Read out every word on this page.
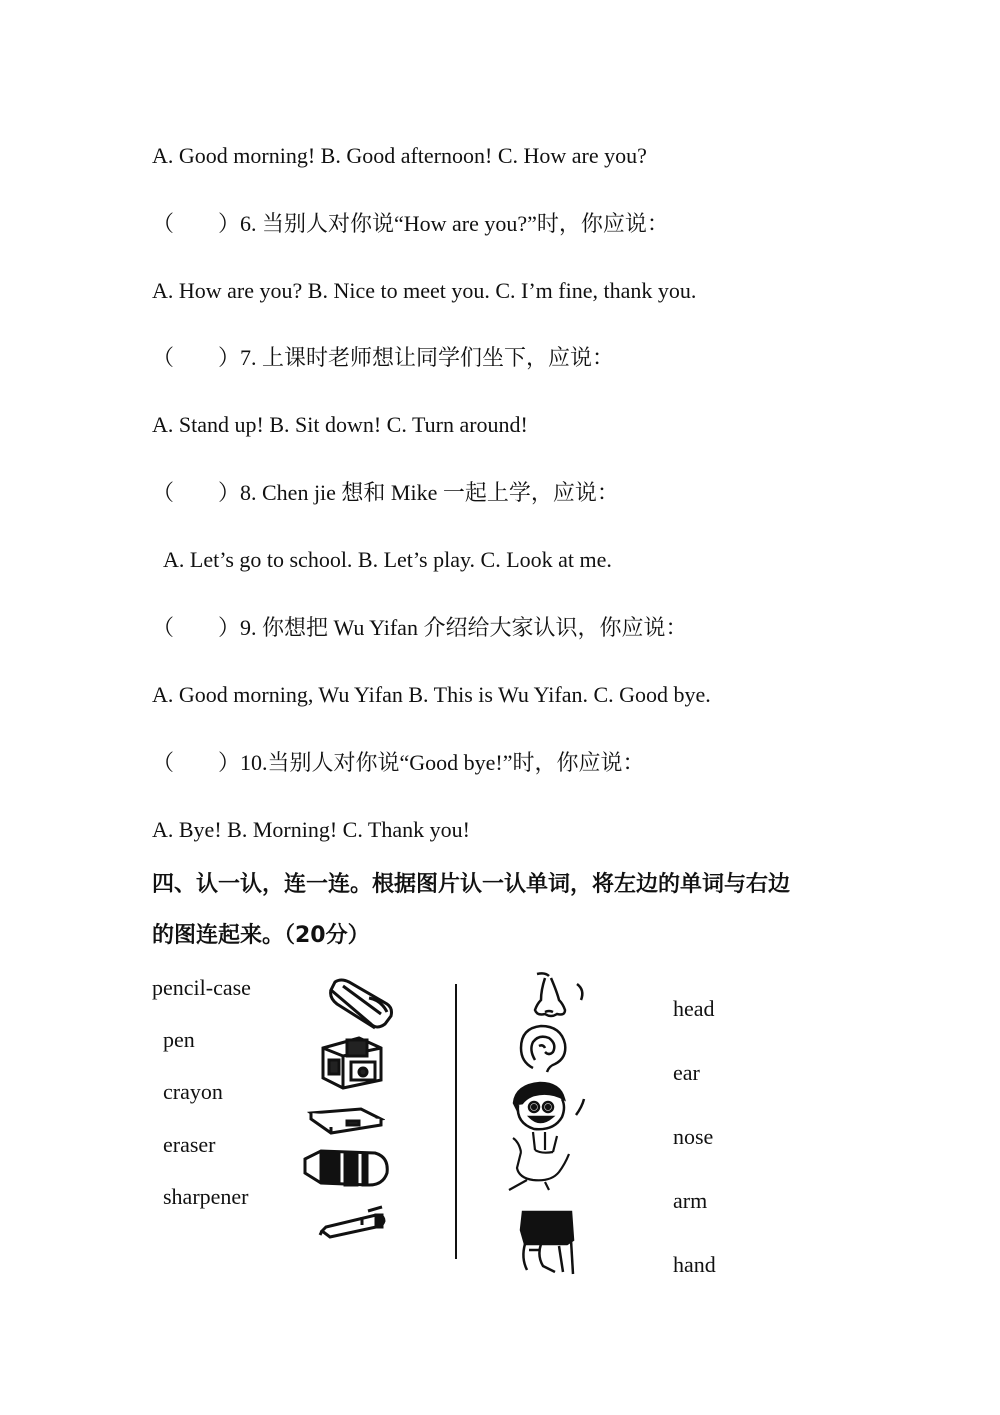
A. Good morning! B. Good afternoon! C. How are you?
（　　）6. 当别人对你说“How are you?”时，你应说：
A. How are you? B. Nice to meet you. C. I’m fine, thank you.
（　　）7. 上课时老师想让同学们坐下，应说：
A. Stand up! B. Sit down! C. Turn around!
（　　）8. Chen jie 想和 Mike 一起上学，应说：
A. Let’s go to school. B. Let’s play. C. Look at me.
（　　）9. 你想把 Wu Yifan 介绍给大家认识，你应说：
A. Good morning, Wu Yifan B. This is Wu Yifan. C. Good bye.
（　　）10.当别人对你说“Good bye!”时，你应说：
A. Bye! B. Morning! C. Thank you!
四、认一认，连一连。根据图片认一认单词，将左边的单词与右边
的图连起来。（20分）
pencil-case
pen
crayon
eraser
sharpener
head
ear
nose
arm
hand
